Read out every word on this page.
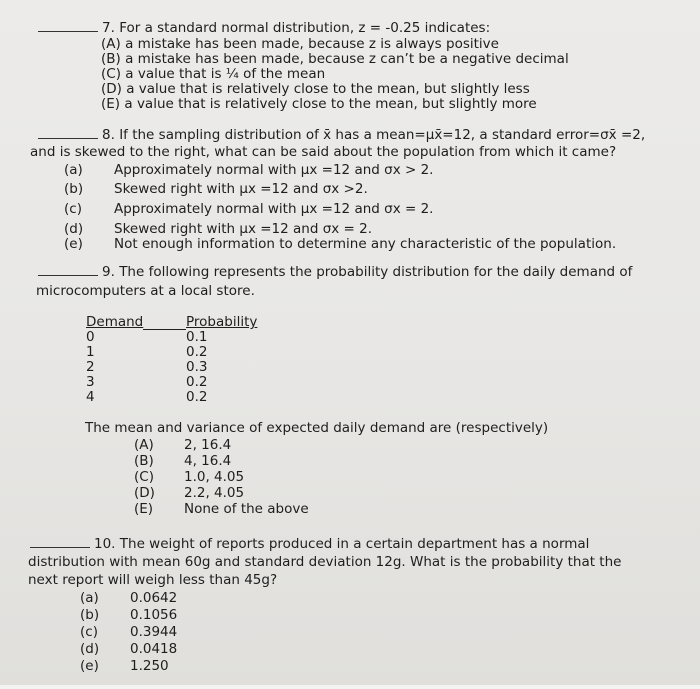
7. For a standard normal distribution, z = -0.25 indicates:
(A) a mistake has been made, because z is always positive
(B) a mistake has been made, because z can’t be a negative decimal
(C) a value that is ¼ of the mean
(D) a value that is relatively close to the mean, but slightly less
(E) a value that is relatively close to the mean, but slightly more
8. If the sampling distribution of x̄ has a mean=μx̄=12, a standard error=σx̄ =2,
and is skewed to the right, what can be said about the population from which it came?
(a) Approximately normal with μx =12 and σx > 2.
(b) Skewed right with μx =12 and σx >2.
(c) Approximately normal with μx =12 and σx = 2.
(d) Skewed right with μx =12 and σx = 2.
(e) Not enough information to determine any characteristic of the population.
9. The following represents the probability distribution for the daily demand of
microcomputers at a local store.
Demand	Probability
0	0.1
1	0.2
2	0.3
3	0.2
4	0.2
The mean and variance of expected daily demand are (respectively)
(A) 2, 16.4
(B) 4, 16.4
(C) 1.0, 4.05
(D) 2.2, 4.05
(E) None of the above
10. The weight of reports produced in a certain department has a normal
distribution with mean 60g and standard deviation 12g. What is the probability that the
next report will weigh less than 45g?
(a) 0.0642
(b) 0.1056
(c) 0.3944
(d) 0.0418
(e) 1.250
